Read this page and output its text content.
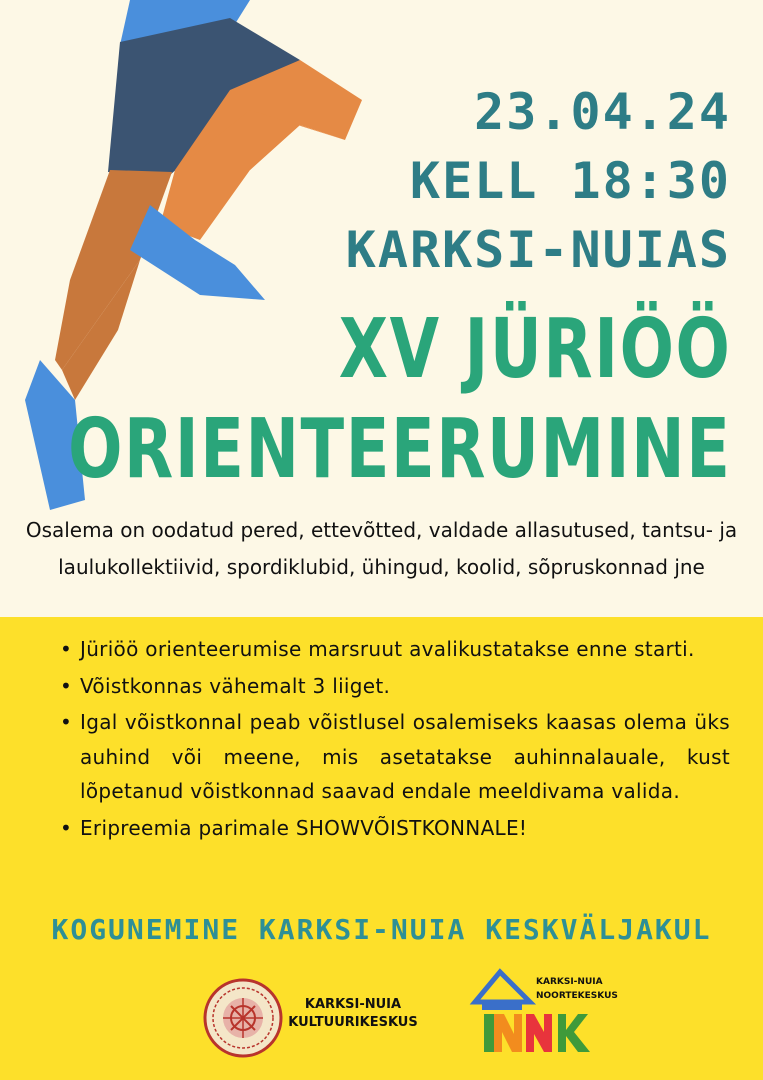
23.04.24
KELL 18:30
KARKSI-NUIAS
XV JÜRIÖÖ
ORIENTEERUMINE
Osalema on oodatud pered, ettevõtted, valdade allasutused, tantsu- ja laulukollektiivid, spordiklubid, ühingud, koolid, sõpruskonnad jne
• Jüriöö orienteerumise marsruut avalikustatakse enne starti.
• Võistkonnas vähemalt 3 liiget.
• Igal võistkonnal peab võistlusel osalemiseks kaasas olema üks auhind või meene, mis asetatakse auhinnalauale, kust lõpetanud võistkonnad saavad endale meeldivama valida.
• Eripreemia parimale SHOWVÕISTKONNALE!
KOGUNEMINE KARKSI-NUIA KESKVÄLJAKUL
KARKSI-NUIA KULTUURIKESKUS
KARKSI-NUIA NOORTEKESKUS
